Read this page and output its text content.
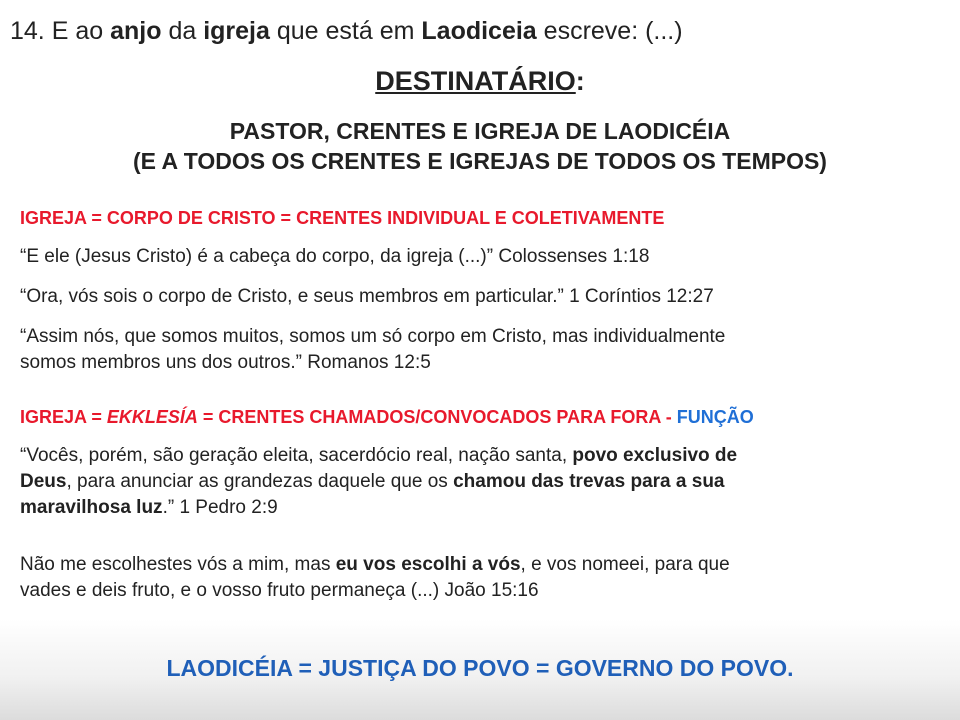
14. E ao anjo da igreja que está em Laodiceia escreve: (...)
DESTINATÁRIO:
PASTOR, CRENTES E IGREJA DE LAODICÉIA
(E A TODOS OS CRENTES E IGREJAS DE TODOS OS TEMPOS)
IGREJA = CORPO DE CRISTO = CRENTES INDIVIDUAL E COLETIVAMENTE
“E ele (Jesus Cristo) é a cabeça do corpo, da igreja (...)” Colossenses 1:18
“Ora, vós sois o corpo de Cristo, e seus membros em particular.” 1 Coríntios 12:27
“Assim nós, que somos muitos, somos um só corpo em Cristo, mas individualmente
somos membros uns dos outros.” Romanos 12:5
IGREJA = EKKLESÍA = CRENTES CHAMADOS/CONVOCADOS PARA FORA - FUNÇÃO
“Vocês, porém, são geração eleita, sacerdócio real, nação santa, povo exclusivo de
Deus, para anunciar as grandezas daquele que os chamou das trevas para a sua
maravilhosa luz.” 1 Pedro 2:9
Não me escolhestes vós a mim, mas eu vos escolhi a vós, e vos nomeei, para que
vades e deis fruto, e o vosso fruto permaneça (...) João 15:16
LAODICÉIA = JUSTIÇA DO POVO = GOVERNO DO POVO.
